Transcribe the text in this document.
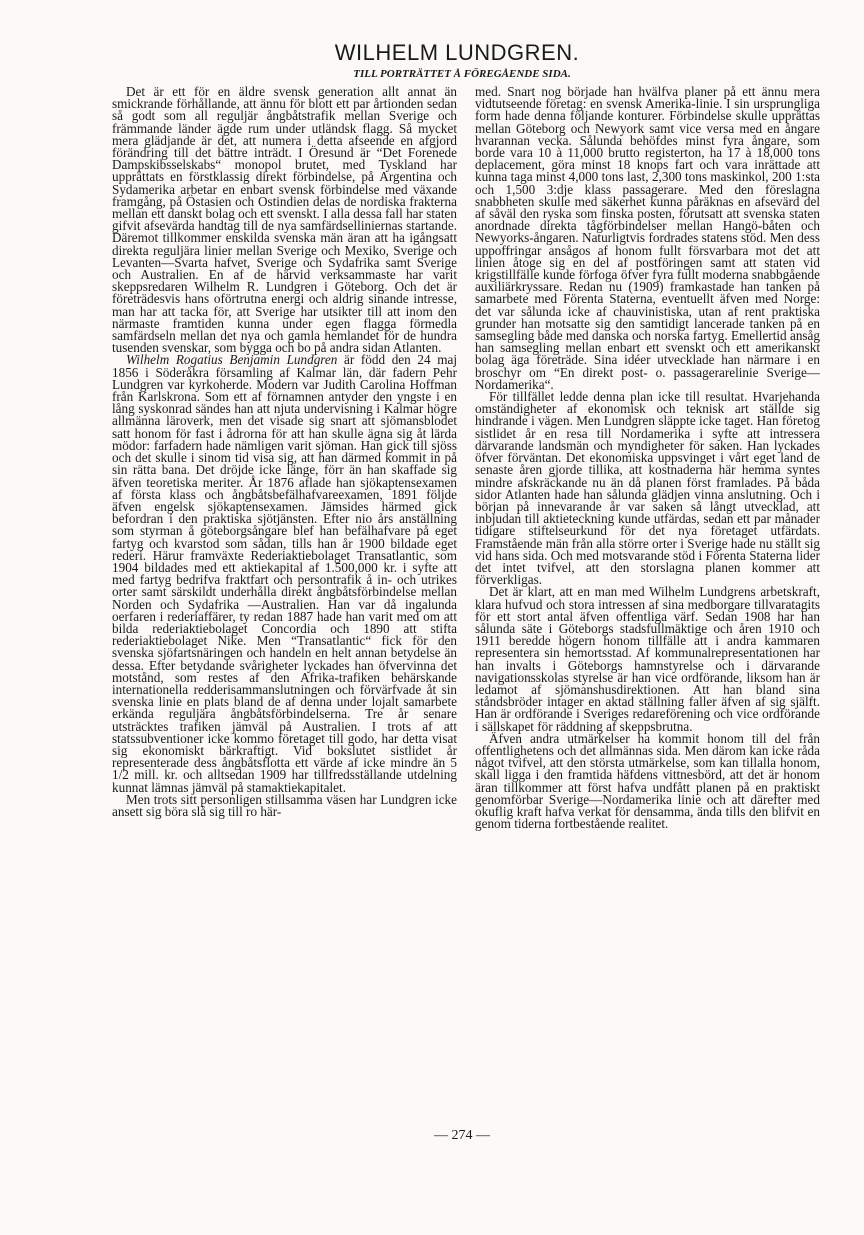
WILHELM LUNDGREN.
TILL PORTRÄTTET Å FÖREGÅENDE SIDA.

Det är ett för en äldre svensk generation allt annat än smickrande förhållande, att ännu för blott ett par årtionden sedan så godt som all reguljär ångbåtstrafik mellan Sverige och främmande länder ägde rum under utländsk flagg. Så mycket mera glädjande är det, att numera i detta afseende en afgjord förändring till det bättre inträdt. I Öresund är “Det Forenede Dampskibsselskabs“ monopol brutet, med Tyskland har upprättats en förstklassig direkt förbindelse, på Argentina och Sydamerika arbetar en enbart svensk förbindelse med växande framgång, på Östasien och Ostindien delas de nordiska frakterna mellan ett danskt bolag och ett svenskt. I alla dessa fall har staten gifvit afsevärda handtag till de nya samfärdselliniernas startande. Däremot tillkommer enskilda svenska män äran att ha igångsatt direkta reguljära linier mellan Sverige och Mexiko, Sverige och Levanten—Svarta hafvet, Sverige och Sydafrika samt Sverige och Australien. En af de härvid verksammaste har varit skeppsredaren Wilhelm R. Lundgren i Göteborg. Och det är företrädesvis hans oförtrutna energi och aldrig sinande intresse, man har att tacka för, att Sverige har utsikter till att inom den närmaste framtiden kunna under egen flagga förmedla samfärdseln mellan det nya och gamla hemlandet för de hundra tusenden svenskar, som bygga och bo på andra sidan Atlanten.

Wilhelm Rogatius Benjamin Lundgren är född den 24 maj 1856 i Söderåkra församling af Kalmar län, där fadern Pehr Lundgren var kyrkoherde. Modern var Judith Carolina Hoffman från Karlskrona. Som ett af förnamnen antyder den yngste i en lång syskonrad sändes han att njuta undervisning i Kalmar högre allmänna läroverk, men det visade sig snart att sjömansblodet satt honom för fast i ådrorna för att han skulle ägna sig åt lärda mödor: farfadern hade nämligen varit sjöman. Han gick till sjöss och det skulle i sinom tid visa sig, att han därmed kommit in på sin rätta bana. Det dröjde icke länge, förr än han skaffade sig äfven teoretiska meriter. År 1876 aflade han sjökaptensexamen af första klass och ångbåtsbefälhafvareexamen, 1891 följde äfven engelsk sjökaptensexamen. Jämsides härmed gick befordran i den praktiska sjötjänsten. Efter nio års anställning som styrman å göteborgsångare blef han befälhafvare på eget fartyg och kvarstod som sådan, tills han år 1900 bildade eget rederi. Härur framväxte Rederiaktiebolaget Transatlantic, som 1904 bildades med ett aktiekapital af 1.500,000 kr. i syfte att med fartyg bedrifva fraktfart och persontrafik å in- och utrikes orter samt särskildt underhålla direkt ångbåtsförbindelse mellan Norden och Sydafrika —Australien. Han var då ingalunda oerfaren i rederiaffärer, ty redan 1887 hade han varit med om att bilda rederiaktiebolaget Concordia och 1890 att stifta rederiaktiebolaget Nike. Men “Transatlantic“ fick för den svenska sjöfartsnäringen och handeln en helt annan betydelse än dessa. Efter betydande svårigheter lyckades han öfvervinna det motstånd, som restes af den Afrika-trafiken behärskande internationella redderisammanslutningen och förvärfvade åt sin svenska linie en plats bland de af denna under lojalt samarbete erkända reguljära ångbåtsförbindelserna. Tre år senare utsträcktes trafiken jämväl på Australien. I trots af att statssubventioner icke kommo företaget till godo, har detta visat sig ekonomiskt bärkraftigt. Vid bokslutet sistlidet år representerade dess ångbåtsflotta ett värde af icke mindre än 5 1/2 mill. kr. och alltsedan 1909 har tillfredsställande utdelning kunnat lämnas jämväl på stamaktiekapitalet.

Men trots sitt personligen stillsamma väsen har Lundgren icke ansett sig böra slå sig till ro här-

med. Snart nog började han hvälfva planer på ett ännu mera vidtutseende företag: en svensk Amerika-linie. I sin ursprungliga form hade denna följande konturer. Förbindelse skulle upprättas mellan Göteborg och Newyork samt vice versa med en ångare hvarannan vecka. Sålunda behöfdes minst fyra ångare, som borde vara 10 à 11,000 brutto registerton, ha 17 à 18,000 tons deplacement, göra minst 18 knops fart och vara inrättade att kunna taga minst 4,000 tons last, 2,300 tons maskinkol, 200 1:sta och 1,500 3:dje klass passagerare. Med den föreslagna snabbheten skulle med säkerhet kunna påräknas en afsevärd del af såväl den ryska som finska posten, förutsatt att svenska staten anordnade direkta tågförbindelser mellan Hangö-båten och Newyorks-ångaren. Naturligtvis fordrades statens stöd. Men dess uppoffringar ansågos af honom fullt försvarbara mot det att linien åtoge sig en del af postföringen samt att staten vid krigstillfälle kunde förfoga öfver fyra fullt moderna snabbgående auxiliärkryssare. Redan nu (1909) framkastade han tanken på samarbete med Förenta Staterna, eventuellt äfven med Norge: det var sålunda icke af chauvinistiska, utan af rent praktiska grunder han motsatte sig den samtidigt lancerade tanken på en samsegling både med danska och norska fartyg. Emellertid ansåg han samsegling mellan enbart ett svenskt och ett amerikanskt bolag äga företräde. Sina idéer utvecklade han närmare i en broschyr om “En direkt post- o. passagerarelinie Sverige—Nordamerika“.

För tillfället ledde denna plan icke till resultat. Hvarjehanda omständigheter af ekonomisk och teknisk art ställde sig hindrande i vägen. Men Lundgren släppte icke taget. Han företog sistlidet år en resa till Nordamerika i syfte att intressera därvarande landsmän och myndigheter för saken. Han lyckades öfver förväntan. Det ekonomiska uppsvinget i vårt eget land de senaste åren gjorde tillika, att kostnaderna här hemma syntes mindre afskräckande nu än då planen först framlades. På båda sidor Atlanten hade han sålunda glädjen vinna anslutning. Och i början på innevarande år var saken så långt utvecklad, att inbjudan till aktieteckning kunde utfärdas, sedan ett par månader tidigare stiftelseurkund för det nya företaget utfärdats. Framstående män från alla större orter i Sverige hade nu ställt sig vid hans sida. Och med motsvarande stöd i Förenta Staterna lider det intet tvifvel, att den storslagna planen kommer att förverkligas.

Det är klart, att en man med Wilhelm Lundgrens arbetskraft, klara hufvud och stora intressen af sina medborgare tillvaratagits för ett stort antal äfven offentliga värf. Sedan 1908 har han sålunda säte i Göteborgs stadsfullmäktige och åren 1910 och 1911 beredde högern honom tillfälle att i andra kammaren representera sin hemortsstad. Af kommunalrepresentationen har han invalts i Göteborgs hamnstyrelse och i därvarande navigationsskolas styrelse är han vice ordförande, liksom han är ledamot af sjömanshusdirektionen. Att han bland sina ståndsbröder intager en aktad ställning faller äfven af sig själft. Han är ordförande i Sveriges redareförening och vice ordförande i sällskapet för räddning af skeppsbrutna.

Äfven andra utmärkelser ha kommit honom till del från offentlighetens och det allmännas sida. Men därom kan icke råda något tvifvel, att den största utmärkelse, som kan tillalla honom, skall ligga i den framtida häfdens vittnesbörd, att det är honom äran tillkommer att först hafva undfått planen på en praktiskt genomförbar Sverige—Nordamerika linie och att därefter med okuflig kraft hafva verkat för densamma, ända tills den blifvit en genom tiderna fortbestående realitet.

— 274 —
